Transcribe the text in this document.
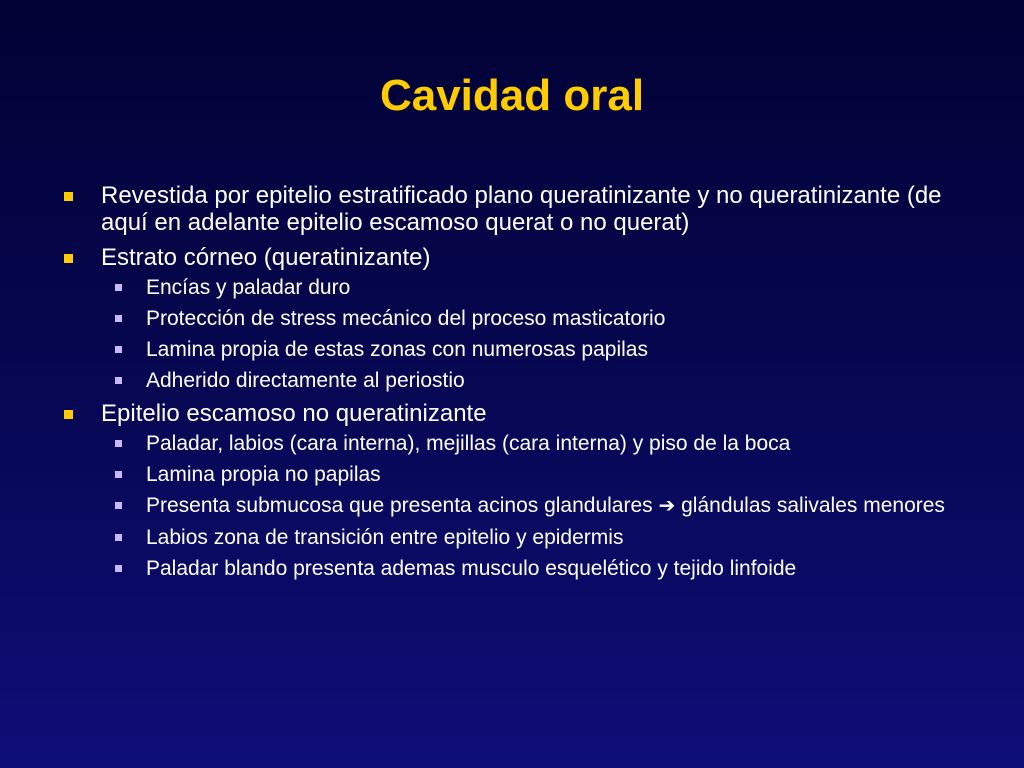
Cavidad oral
Revestida por epitelio estratificado plano queratinizante y no queratinizante (de aquí en adelante epitelio escamoso querat o no querat)
Estrato córneo (queratinizante)
Encías y paladar duro
Protección de stress mecánico del proceso masticatorio
Lamina propia de estas zonas con numerosas papilas
Adherido directamente al periostio
Epitelio escamoso no queratinizante
Paladar, labios (cara interna), mejillas (cara interna) y piso de la boca
Lamina propia no papilas
Presenta submucosa que presenta acinos glandulares ➔ glándulas salivales menores
Labios zona de transición entre epitelio y epidermis
Paladar blando presenta ademas musculo esquelético y tejido linfoide
